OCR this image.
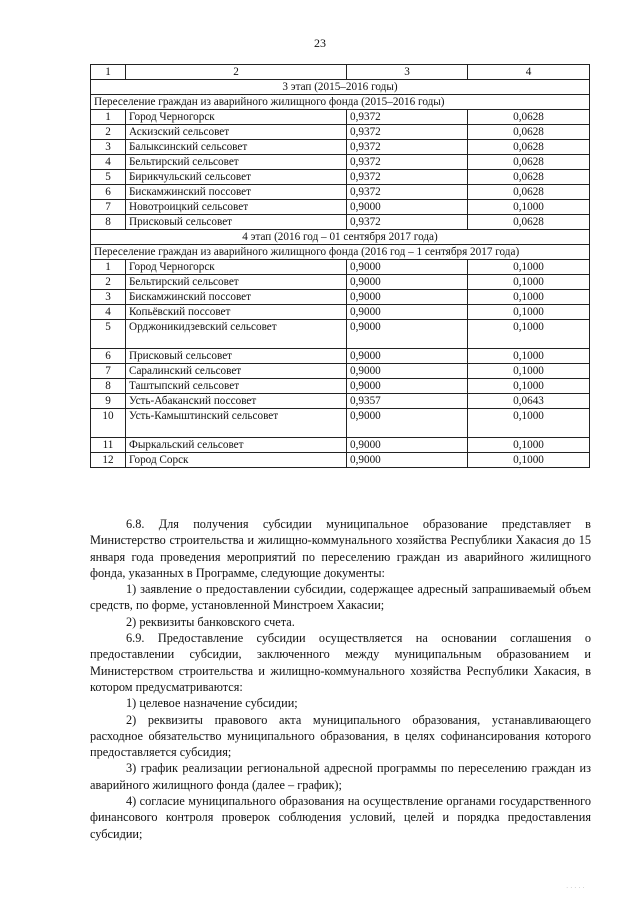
23
1	2	3	4
3 этап (2015–2016 годы)			
Переселение граждан из аварийного жилищного фонда (2015–2016 годы)			
1	Город Черногорск	0,9372	0,0628
2	Аскизский сельсовет	0,9372	0,0628
3	Балыксинский сельсовет	0,9372	0,0628
4	Бельтирский сельсовет	0,9372	0,0628
5	Бирикчульский сельсовет	0,9372	0,0628
6	Бискамжинский поссовет	0,9372	0,0628
7	Новотроицкий сельсовет	0,9000	0,1000
8	Присковый сельсовет	0,9372	0,0628
4 этап (2016 год – 01 сентября 2017 года)			
Переселение граждан из аварийного жилищного фонда (2016 год – 1 сентября 2017 года)			
1	Город Черногорск	0,9000	0,1000
2	Бельтирский сельсовет	0,9000	0,1000
3	Бискамжинский поссовет	0,9000	0,1000
4	Копьёвский поссовет	0,9000	0,1000
5	Орджоникидзевский сельсовет	0,9000	0,1000
6	Присковый сельсовет	0,9000	0,1000
7	Саралинский сельсовет	0,9000	0,1000
8	Таштыпский сельсовет	0,9000	0,1000
9	Усть-Абаканский поссовет	0,9357	0,0643
10	Усть-Камыштинский сельсовет	0,9000	0,1000
11	Фыркальский сельсовет	0,9000	0,1000
12	Город Сорск	0,9000	0,1000

6.8. Для получения субсидии муниципальное образование представляет в Министерство строительства и жилищно-коммунального хозяйства Республики Хакасия до 15 января года проведения мероприятий по переселению граждан из аварийного жилищного фонда, указанных в Программе, следующие документы:

1) заявление о предоставлении субсидии, содержащее адресный запрашиваемый объем средств, по форме, установленной Минстроем Хакасии;

2) реквизиты банковского счета.

6.9. Предоставление субсидии осуществляется на основании соглашения о предоставлении субсидии, заключенного между муниципальным образованием и Министерством строительства и жилищно-коммунального хозяйства Республики Хакасия, в котором предусматриваются:

1) целевое назначение субсидии;

2) реквизиты правового акта муниципального образования, устанавливающего расходное обязательство муниципального образования, в целях софинансирования которого предоставляется субсидия;

3) график реализации региональной адресной программы по переселению граждан из аварийного жилищного фонда (далее – график);

4) согласие муниципального образования на осуществление органами государственного финансового контроля проверок соблюдения условий, целей и порядка предоставления субсидии;

· · · · ·
